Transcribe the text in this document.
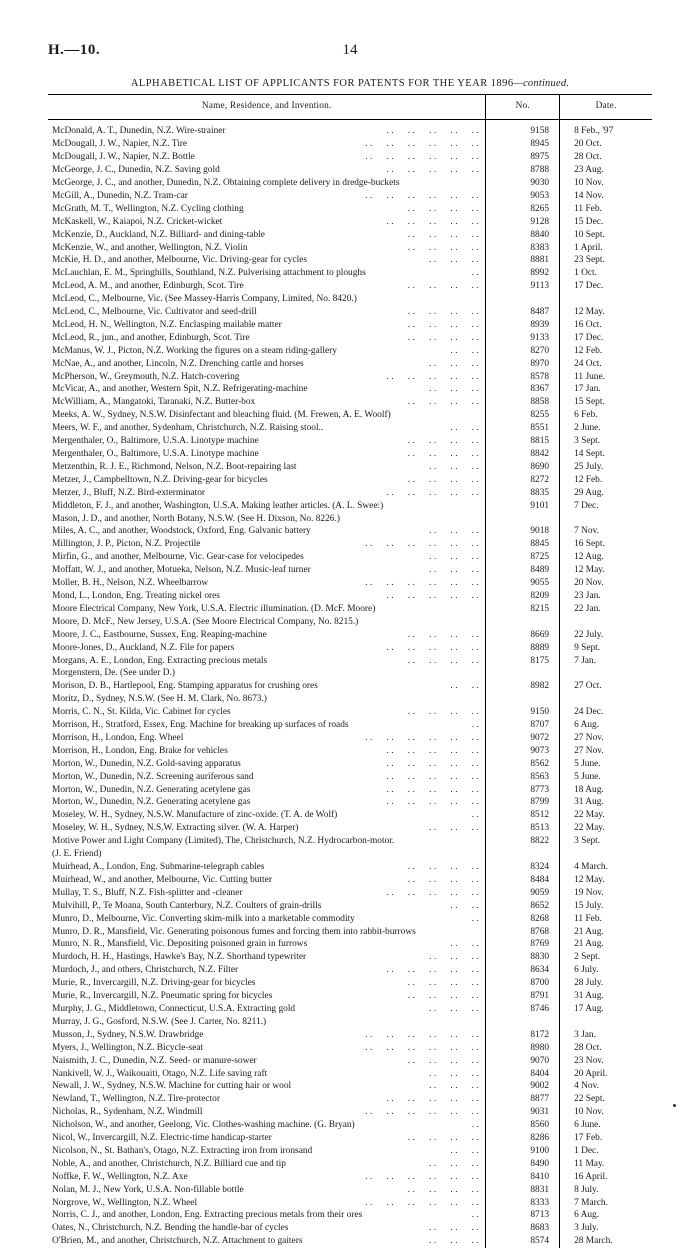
H.—10.	14
ALPHABETICAL LIST OF APPLICANTS FOR PATENTS FOR THE YEAR 1896—continued.
Name, Residence, and Invention.	No.	Date.

McDonald, A. T., Dunedin, N.Z. Wire-strainer .. .. .. .. ..	9158	8 Feb., '97
McDougall, J. W., Napier, N.Z. Tire .. .. .. .. .. ..	8945	20 Oct.
McDougall, J. W., Napier, N.Z. Bottle .. .. .. .. .. ..	8975	28 Oct.
McGeorge, J. C., Dunedin, N.Z. Saving gold .. .. .. .. ..	8788	23 Aug.
McGeorge, J. C., and another, Dunedin, N.Z. Obtaining complete delivery in dredge-buckets	9030	10 Nov.
McGill, A., Dunedin, N.Z. Tram-car .. .. .. .. .. ..	9053	14 Nov.
McGrath, M. T., Wellington, N.Z. Cycling clothing .. .. .. ..	8265	11 Feb.
McKaskell, W., Kaiapoi, N.Z. Cricket-wicket .. .. .. .. ..	9128	15 Dec.
McKenzie, D., Auckland, N.Z. Billiard- and dining-table .. .. .. ..	8840	10 Sept.
McKenzie, W., and another, Wellington, N.Z. Violin .. .. .. ..	8383	1 April.
McKie, H. D., and another, Melbourne, Vic. Driving-gear for cycles .. .. ..	8881	23 Sept.
McLauchlan, E. M., Springhills, Southland, N.Z. Pulverising attachment to ploughs ..	8992	1 Oct.
McLeod, A. M., and another, Edinburgh, Scot. Tire .. .. .. ..	9113	17 Dec.
McLeod, C., Melbourne, Vic. (See Massey-Harris Company, Limited, No. 8420.)		
McLeod, C., Melbourne, Vic. Cultivator and seed-drill .. .. .. ..	8487	12 May.
McLeod, H. N., Wellington, N.Z. Enclasping mailable matter .. .. .. ..	8939	16 Oct.
McLeod, R., jun., and another, Edinburgh, Scot. Tire .. .. .. ..	9133	17 Dec.
McManus, W. J., Picton, N.Z. Working the figures on a steam riding-gallery .. ..	8270	12 Feb.
McNae, A., and another, Lincoln, N.Z. Drenching cattle and horses .. .. ..	8970	24 Oct.
McPherson, W., Greymouth, N.Z. Hatch-covering .. .. .. .. ..	8578	11 June.
McVicar, A., and another, Western Spit, N.Z. Refrigerating-machine .. .. ..	8367	17 Jan.
McWilliam, A., Mangatoki, Taranaki, N.Z. Butter-box .. .. .. ..	8858	15 Sept.
Meeks, A. W., Sydney, N.S.W. Disinfectant and bleaching fluid. (M. Frewen, A. E. Woolf)	8255	6 Feb.
Meers, W. F., and another, Sydenham, Christchurch, N.Z. Raising stool.. .. ..	8551	2 June.
Mergenthaler, O., Baltimore, U.S.A. Linotype machine .. .. .. ..	8815	3 Sept.
Mergenthaler, O., Baltimore, U.S.A. Linotype machine .. .. .. ..	8842	14 Sept.
Metzenthin, R. J. E., Richmond, Nelson, N.Z. Boot-repairing last .. .. ..	8690	25 July.
Metzer, J., Campbelltown, N.Z. Driving-gear for bicycles .. .. .. ..	8272	12 Feb.
Metzer, J., Bluff, N.Z. Bird-exterminator .. .. .. .. ..	8835	29 Aug.
Middleton, F. J., and another, Washington, U.S.A. Making leather articles. (A. L. Swee:)	9101	7 Dec.
Mason, J. D., and another, North Botany, N.S.W. (See H. Dixson, No. 8226.)		
Miles, A. C., and another, Woodstock, Oxford, Eng. Galvanic battery .. .. ..	9018	7 Nov.
Millington, J. P., Picton, N.Z. Projectile .. .. .. .. .. ..	8845	16 Sept.
Mirfin, G., and another, Melbourne, Vic. Gear-case for velocipedes .. .. ..	8725	12 Aug.
Moffatt, W. J., and another, Motueka, Nelson, N.Z. Music-leaf turner .. .. ..	8489	12 May.
Moller, B. H., Nelson, N.Z. Wheelbarrow .. .. .. .. .. ..	9055	20 Nov.
Mond, L., London, Eng. Treating nickel ores .. .. .. .. ..	8209	23 Jan.
Moore Electrical Company, New York, U.S.A. Electric illumination. (D. McF. Moore)	8215	22 Jan.
Moore, D. McF., New Jersey, U.S.A. (See Moore Electrical Company, No. 8215.)		
Moore, J. C., Eastbourne, Sussex, Eng. Reaping-machine .. .. .. ..	8669	22 July.
Moore-Jones, D., Auckland, N.Z. File for papers .. .. .. .. ..	8889	9 Sept.
Morgans, A. E., London, Eng. Extracting precious metals .. .. .. ..	8175	7 Jan.
Morgenstern, De. (See under D.)		
Morison, D. B., Hartlepool, Eng. Stamping apparatus for crushing ores .. ..	8982	27 Oct.
Moritz, D., Sydney, N.S.W. (See H. M. Clark, No. 8673.)		
Morris, C. N., St. Kilda, Vic. Cabinet for cycles .. .. .. ..	9150	24 Dec.
Morrison, H., Stratford, Essex, Eng. Machine for breaking up surfaces of roads ..	8707	6 Aug.
Morrison, H., London, Eng. Wheel .. .. .. .. .. ..	9072	27 Nov.
Morrison, H., London, Eng. Brake for vehicles .. .. .. .. ..	9073	27 Nov.
Morton, W., Dunedin, N.Z. Gold-saving apparatus .. .. .. .. ..	8562	5 June.
Morton, W., Dunedin, N.Z. Screening auriferous sand .. .. .. .. ..	8563	5 June.
Morton, W., Dunedin, N.Z. Generating acetylene gas .. .. .. .. ..	8773	18 Aug.
Morton, W., Dunedin, N.Z. Generating acetylene gas .. .. .. .. ..	8799	31 Aug.
Moseley, W. H., Sydney, N.S.W. Manufacture of zinc-oxide. (T. A. de Wolf) ..	8512	22 May.
Moseley, W. H., Sydney, N.S.W. Extracting silver. (W. A. Harper) .. .. ..	8513	22 May.
Motive Power and Light Company (Limited), The, Christchurch, N.Z. Hydrocarbon-motor.	8822	3 Sept.
(J. E. Friend)		
Muirhead, A., London, Eng. Submarine-telegraph cables .. .. .. ..	8324	4 March.
Muirhead, W., and another, Melbourne, Vic. Cutting butter .. .. .. ..	8484	12 May.
Mullay, T. S., Bluff, N.Z. Fish-splitter and -cleaner .. .. .. .. ..	9059	19 Nov.
Mulvihill, P., Te Moana, South Canterbury, N.Z. Coulters of grain-drills .. ..	8652	15 July.
Munro, D., Melbourne, Vic. Converting skim-milk into a marketable commodity ..	8268	11 Feb.
Munro, D. R., Mansfield, Vic. Generating poisonous fumes and forcing them into rabbit-burrows	8768	21 Aug.
Munro, N. R., Mansfield, Vic. Depositing poisoned grain in furrows .. ..	8769	21 Aug.
Murdoch, H. H., Hastings, Hawke's Bay, N.Z. Shorthand typewriter .. .. ..	8830	2 Sept.
Murdoch, J., and others, Christchurch, N.Z. Filter .. .. .. .. ..	8634	6 July.
Murie, R., Invercargill, N.Z. Driving-gear for bicycles .. .. .. ..	8700	28 July.
Murie, R., Invercargill, N.Z. Pneumatic spring for bicycles .. .. .. ..	8791	31 Aug.
Murphy, J. G., Middletown, Connecticut, U.S.A. Extracting gold .. .. ..	8746	17 Aug.
Murray, J. G., Gosford, N.S.W. (See J. Carter, No. 8211.)		
Musson, J., Sydney, N.S.W. Drawbridge .. .. .. .. .. ..	8172	3 Jan.
Myers, J., Wellington, N.Z. Bicycle-seat .. .. .. .. .. ..	8980	28 Oct.
Naismith, J. C., Dunedin, N.Z. Seed- or manure-sower .. .. .. ..	9070	23 Nov.
Nankivell, W. J., Waikouaiti, Otago, N.Z. Life saving raft .. .. ..	8404	20 April.
Newall, J. W., Sydney, N.S.W. Machine for cutting hair or wool .. .. ..	9002	4 Nov.
Newland, T., Wellington, N.Z. Tire-protector .. .. .. .. ..	8877	22 Sept.
Nicholas, R., Sydenham, N.Z. Windmill .. .. .. .. .. ..	9031	10 Nov.
Nicholson, W., and another, Geelong, Vic. Clothes-washing machine. (G. Bryan) ..	8560	6 June.
Nicol, W., Invercargill, N.Z. Electric-time handicap-starter .. .. .. ..	8286	17 Feb.
Nicolson, N., St. Bathan's, Otago, N.Z. Extracting iron from ironsand .. ..	9100	1 Dec.
Noble, A., and another, Christchurch, N.Z. Billiard cue and tip .. .. ..	8490	11 May.
Noffke, F. W., Wellington, N.Z. Axe .. .. .. .. .. ..	8410	16 April.
Nolan, M. J., New York, U.S.A. Non-fillable bottle .. .. .. ..	8831	8 July.
Norgrove, W., Wellington, N.Z. Wheel .. .. .. .. .. ..	8333	7 March.
Norris, C. J., and another, London, Eng. Extracting precious metals from their ores ..	8713	6 Aug.
Oates, N., Christchurch, N.Z. Bending the handle-bar of cycles .. .. ..	8683	3 July.
O'Brien, M., and another, Christchurch, N.Z. Attachment to gaiters .. .. ..	8574	28 March.
